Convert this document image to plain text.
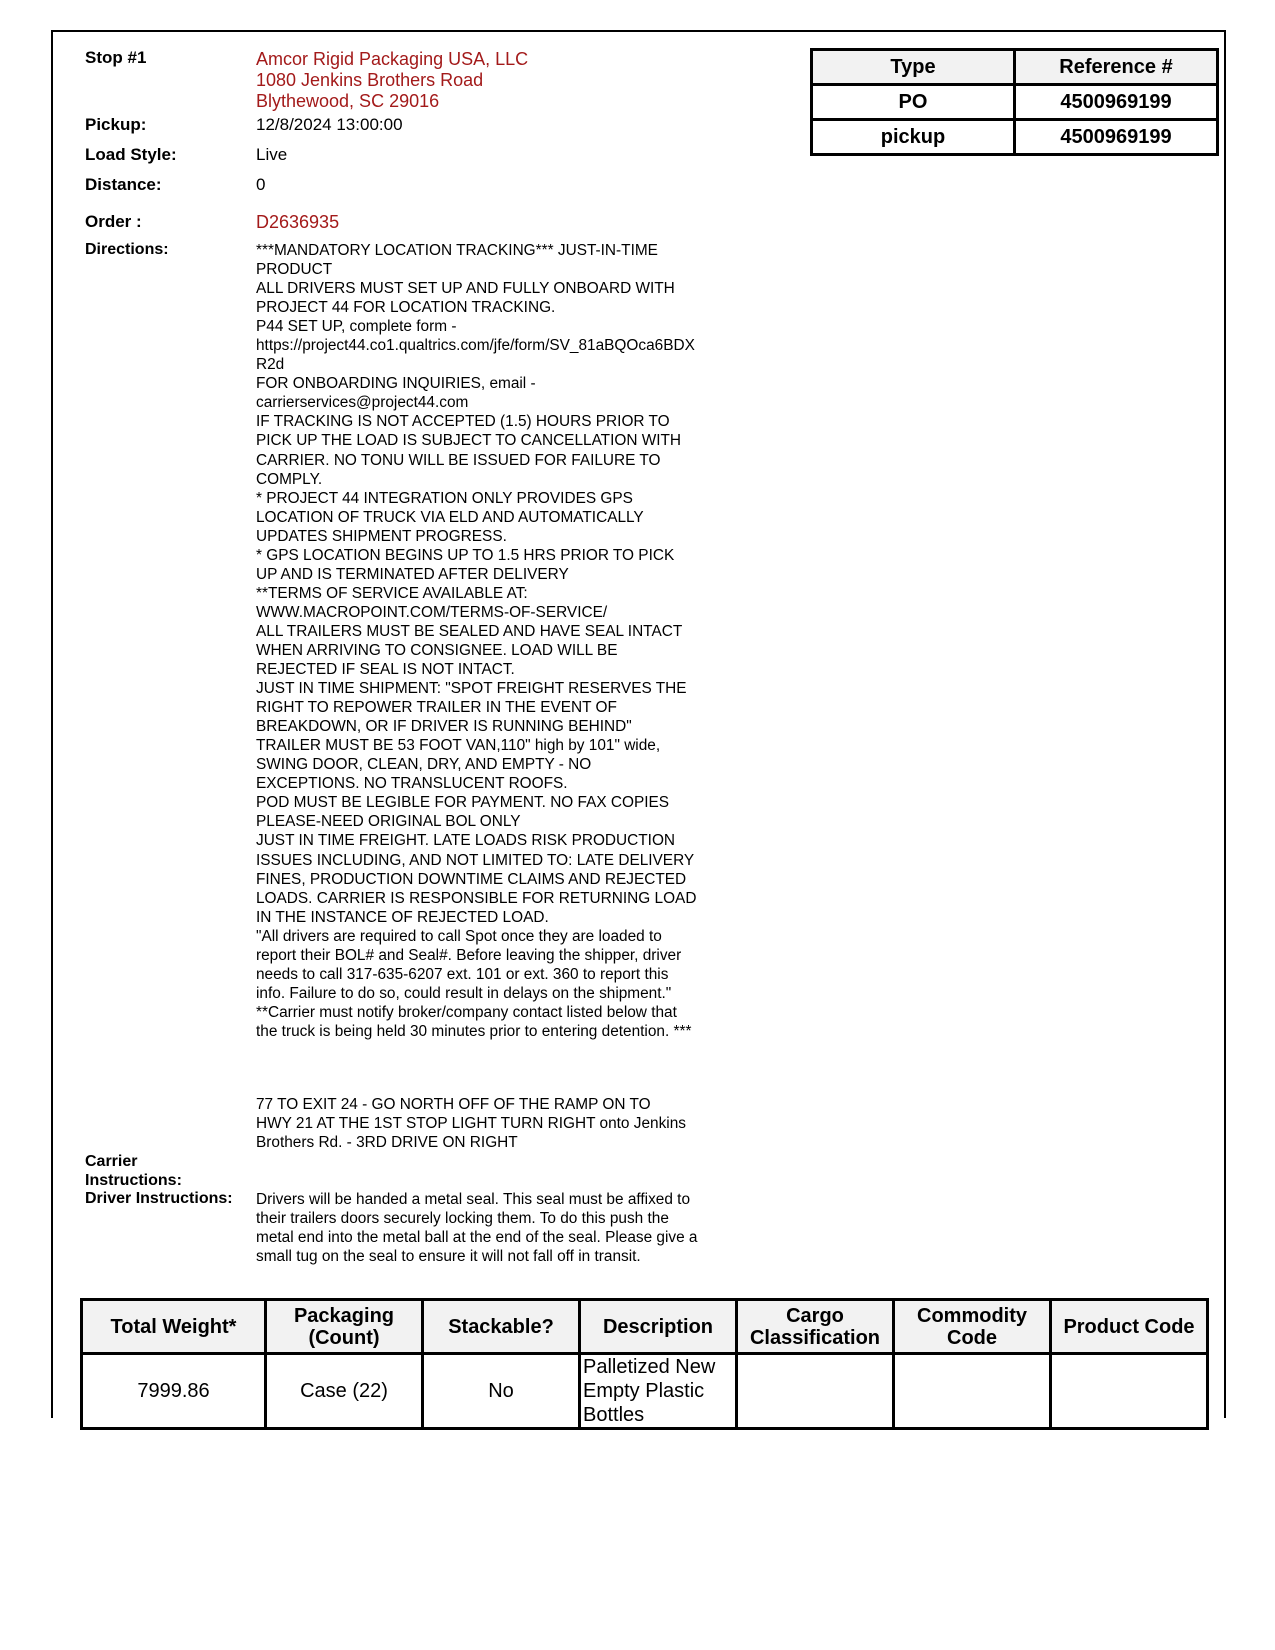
Stop #1	Amcor Rigid Packaging USA, LLC
1080 Jenkins Brothers Road
Blythewood, SC 29016
Pickup:	12/8/2024 13:00:00
Load Style:	Live
Distance:	0
Order :	D2636935
Directions:	***MANDATORY LOCATION TRACKING*** JUST-IN-TIME
PRODUCT
ALL DRIVERS MUST SET UP AND FULLY ONBOARD WITH
PROJECT 44 FOR LOCATION TRACKING.
P44 SET UP, complete form -
https://project44.co1.qualtrics.com/jfe/form/SV_81aBQOca6BDX
R2d
FOR ONBOARDING INQUIRIES, email -
carrierservices@project44.com
IF TRACKING IS NOT ACCEPTED (1.5) HOURS PRIOR TO
PICK UP THE LOAD IS SUBJECT TO CANCELLATION WITH
CARRIER. NO TONU WILL BE ISSUED FOR FAILURE TO
COMPLY.
* PROJECT 44 INTEGRATION ONLY PROVIDES GPS
LOCATION OF TRUCK VIA ELD AND AUTOMATICALLY
UPDATES SHIPMENT PROGRESS.
* GPS LOCATION BEGINS UP TO 1.5 HRS PRIOR TO PICK
UP AND IS TERMINATED AFTER DELIVERY
**TERMS OF SERVICE AVAILABLE AT:
WWW.MACROPOINT.COM/TERMS-OF-SERVICE/
ALL TRAILERS MUST BE SEALED AND HAVE SEAL INTACT
WHEN ARRIVING TO CONSIGNEE. LOAD WILL BE
REJECTED IF SEAL IS NOT INTACT.
JUST IN TIME SHIPMENT: "SPOT FREIGHT RESERVES THE
RIGHT TO REPOWER TRAILER IN THE EVENT OF
BREAKDOWN, OR IF DRIVER IS RUNNING BEHIND"
TRAILER MUST BE 53 FOOT VAN,110" high by 101" wide,
SWING DOOR, CLEAN, DRY, AND EMPTY - NO
EXCEPTIONS. NO TRANSLUCENT ROOFS.
POD MUST BE LEGIBLE FOR PAYMENT. NO FAX COPIES
PLEASE-NEED ORIGINAL BOL ONLY
JUST IN TIME FREIGHT. LATE LOADS RISK PRODUCTION
ISSUES INCLUDING, AND NOT LIMITED TO: LATE DELIVERY
FINES, PRODUCTION DOWNTIME CLAIMS AND REJECTED
LOADS. CARRIER IS RESPONSIBLE FOR RETURNING LOAD
IN THE INSTANCE OF REJECTED LOAD.
"All drivers are required to call Spot once they are loaded to
report their BOL# and Seal#. Before leaving the shipper, driver
needs to call 317-635-6207 ext. 101 or ext. 360 to report this
info. Failure to do so, could result in delays on the shipment."
**Carrier must notify broker/company contact listed below that
the truck is being held 30 minutes prior to entering detention. ***
77 TO EXIT 24 - GO NORTH OFF OF THE RAMP ON TO
HWY 21 AT THE 1ST STOP LIGHT TURN RIGHT onto Jenkins
Brothers Rd. - 3RD DRIVE ON RIGHT
Carrier
Instructions:
Driver Instructions: Drivers will be handed a metal seal. This seal must be affixed to
their trailers doors securely locking them. To do this push the
metal end into the metal ball at the end of the seal. Please give a
small tug on the seal to ensure it will not fall off in transit.
Type	Reference #
PO	4500969199
pickup	4500969199
Total Weight*	Packaging (Count)	Stackable?	Description	Cargo Classification	Commodity Code	Product Code
7999.86	Case (22)	No	Palletized New Empty Plastic Bottles			
